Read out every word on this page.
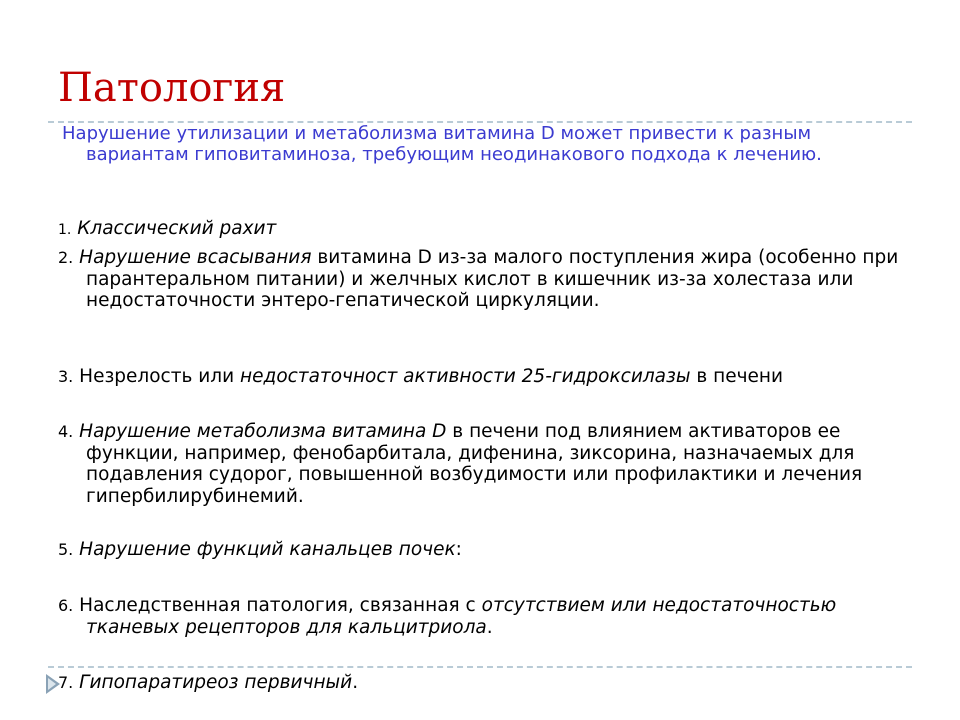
Патология
Нарушение утилизации и метаболизма витамина D может привести к разным вариантам гиповитаминоза, требующим неодинакового подхода к лечению.
1. Классический рахит
2. Нарушение всасывания витамина D из-за малого поступления жира (особенно при парантеральном питании) и желчных кислот в кишечник из-за холестаза или недостаточности энтеро-гепатической циркуляции.
3. Незрелость или недостаточност активности 25-гидроксилазы в печени
4. Нарушение метаболизма витамина D в печени под влиянием активаторов ее функции, например, фенобарбитала, дифенина, зиксорина, назначаемых для подавления судорог, повышенной возбудимости или профилактики и лечения гипербилирубинемий.
5. Нарушение функций канальцев почек:
6. Наследственная патология, связанная с отсутствием или недостаточностью тканевых рецепторов для кальцитриола.
7. Гипопаратиреоз первичный.
